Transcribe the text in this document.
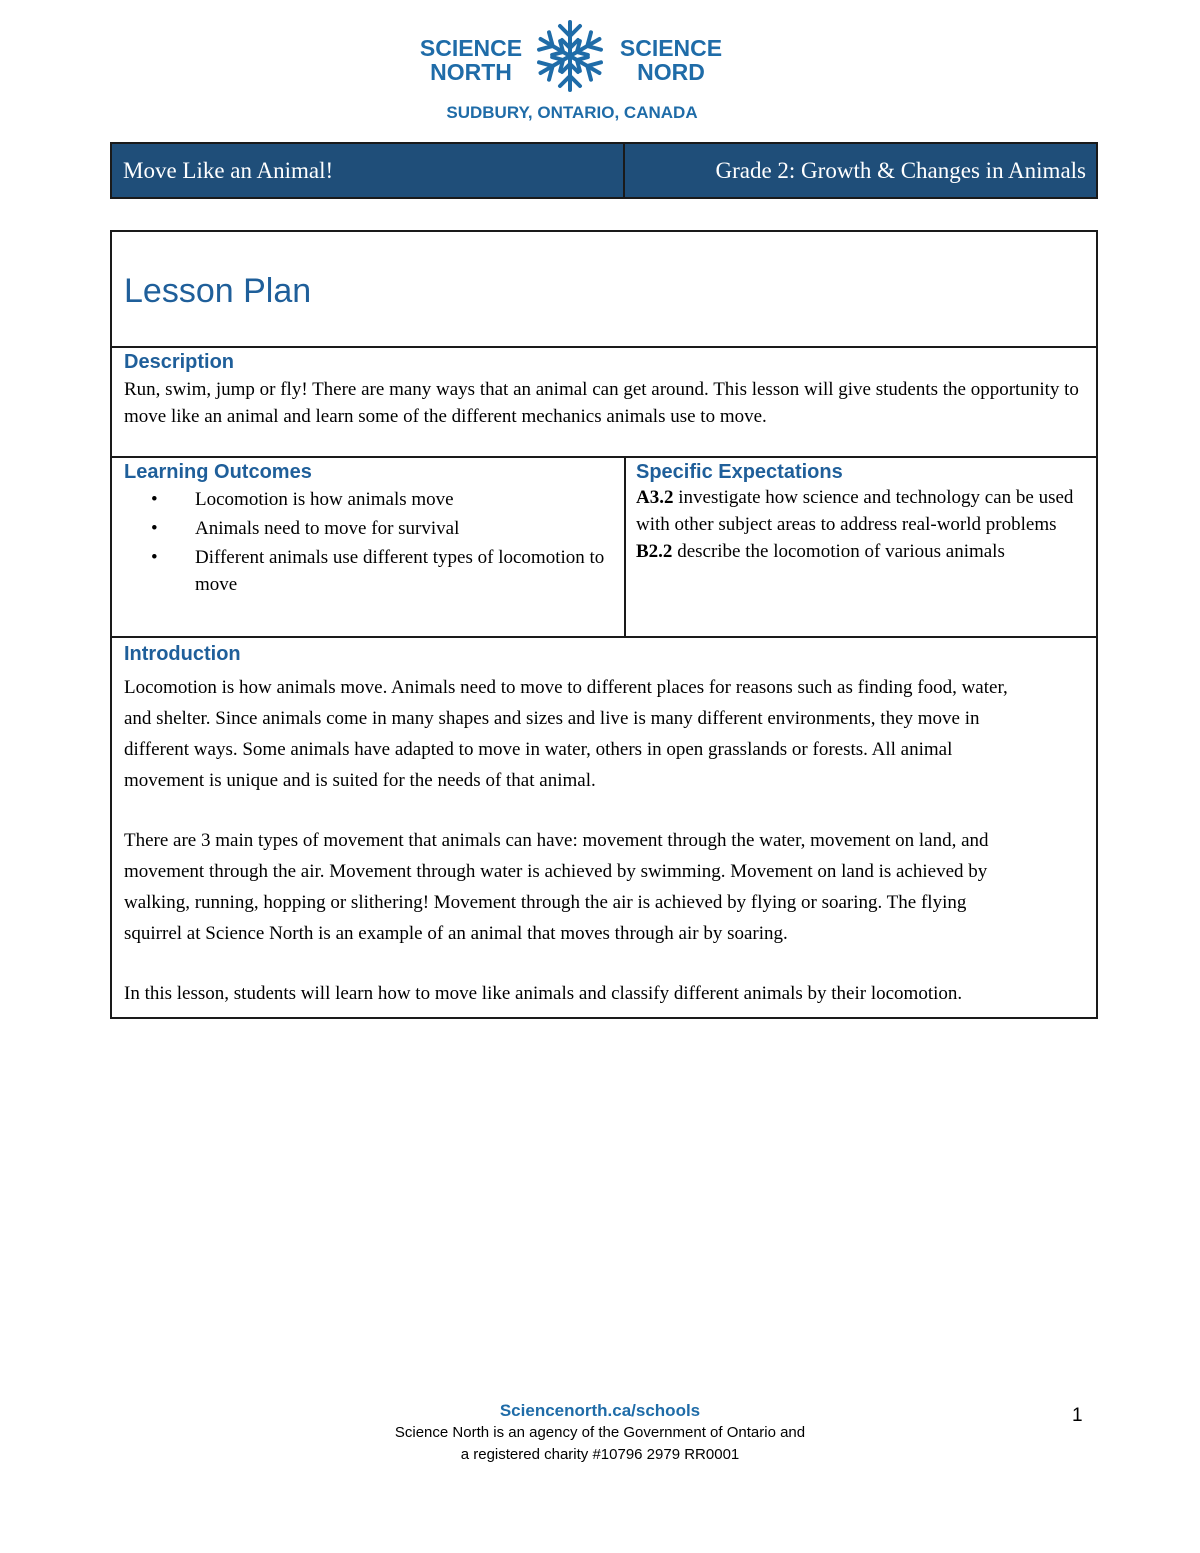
SCIENCE
NORTH
SCIENCE
NORD
SUDBURY, ONTARIO, CANADA
Move Like an Animal!	Grade 2: Growth & Changes in Animals
Lesson Plan
Description

Run, swim, jump or fly! There are many ways that an animal can get around. This lesson will give students the opportunity to move like an animal and learn some of the different mechanics animals use to move.

Learning Outcomes
• Locomotion is how animals move
• Animals need to move for survival
• Different animals use different types of locomotion to move
Specific Expectations

A3.2 investigate how science and technology can be used with other subject areas to address real-world problems

B2.2 describe the locomotion of various animals

Introduction

Locomotion is how animals move. Animals need to move to different places for reasons such as finding food, water, and shelter. Since animals come in many shapes and sizes and live is many different environments, they move in different ways. Some animals have adapted to move in water, others in open grasslands or forests. All animal movement is unique and is suited for the needs of that animal.

There are 3 main types of movement that animals can have: movement through the water, movement on land, and movement through the air. Movement through water is achieved by swimming. Movement on land is achieved by walking, running, hopping or slithering! Movement through the air is achieved by flying or soaring. The flying squirrel at Science North is an example of an animal that moves through air by soaring.

In this lesson, students will learn how to move like animals and classify different animals by their locomotion.

Sciencenorth.ca/schools
Science North is an agency of the Government of Ontario and
a registered charity #10796 2979 RR0001
1
